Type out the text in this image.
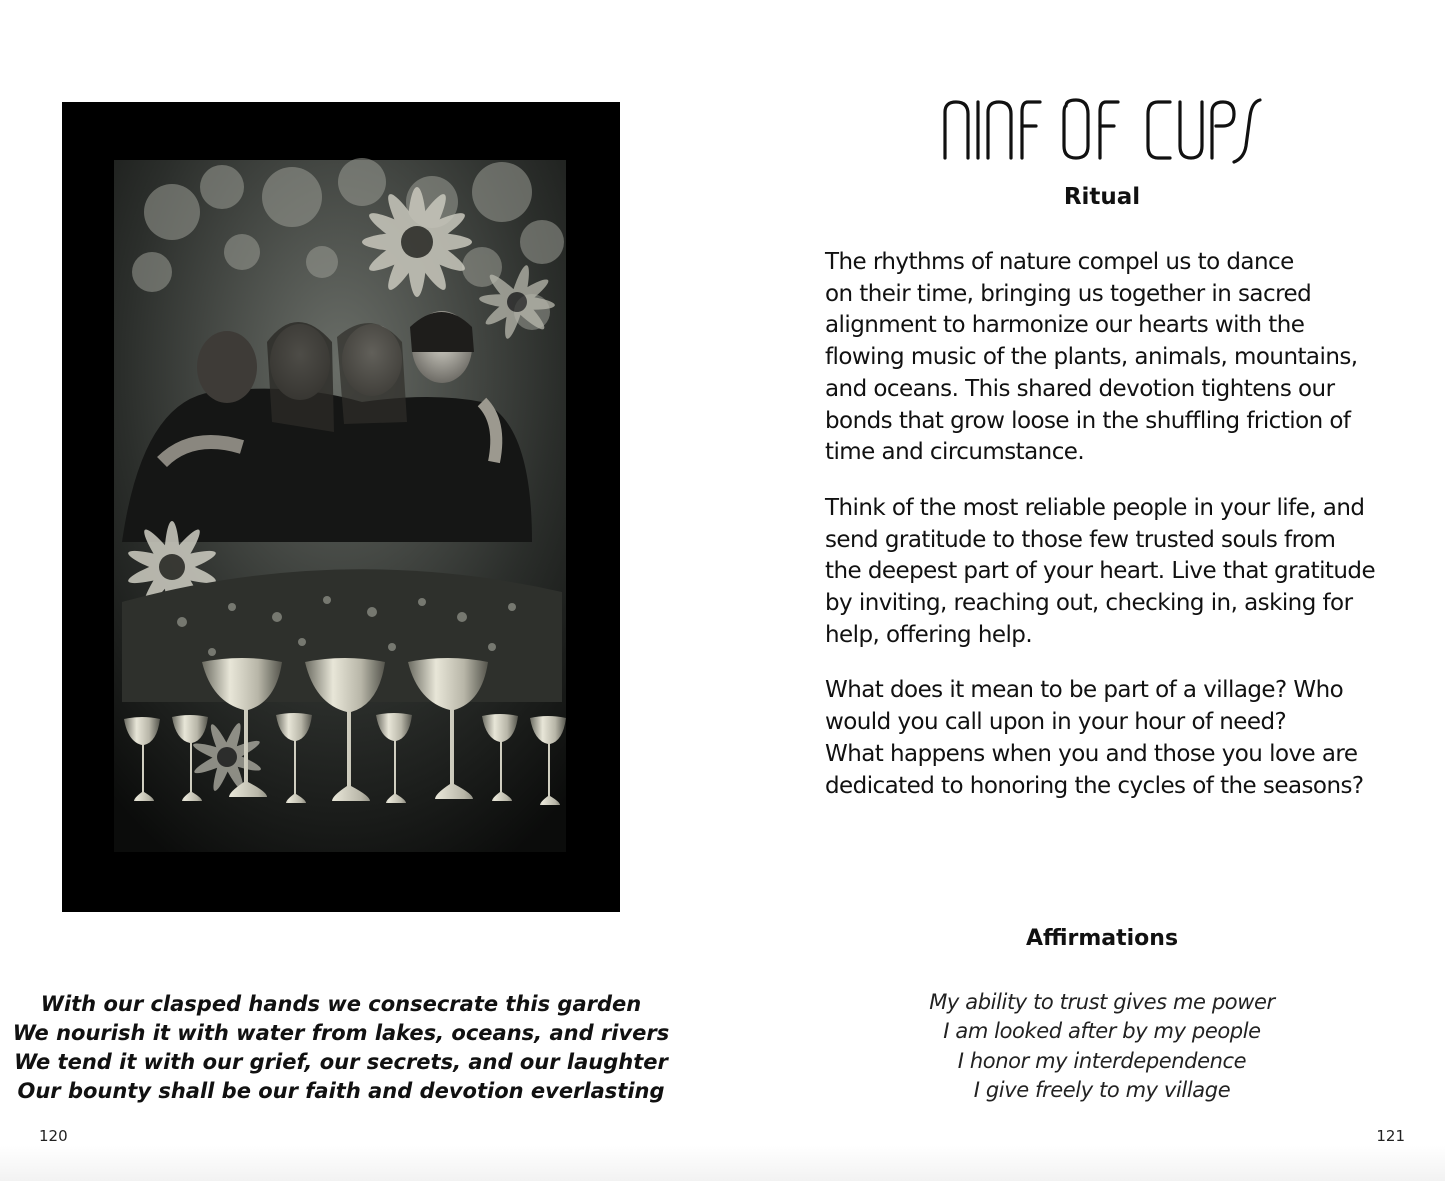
With our clasped hands we consecrate this garden
We nourish it with water from lakes, oceans, and rivers
We tend it with our grief, our secrets, and our laughter
Our bounty shall be our faith and devotion everlasting
120
Ritual
The rhythms of nature compel us to dance
on their time, bringing us together in sacred
alignment to harmonize our hearts with the
flowing music of the plants, animals, mountains,
and oceans. This shared devotion tightens our
bonds that grow loose in the shuffling friction of
time and circumstance.
Think of the most reliable people in your life, and
send gratitude to those few trusted souls from
the deepest part of your heart. Live that gratitude
by inviting, reaching out, checking in, asking for
help, offering help.
What does it mean to be part of a village? Who
would you call upon in your hour of need?
What happens when you and those you love are
dedicated to honoring the cycles of the seasons?
Affirmations
My ability to trust gives me power
I am looked after by my people
I honor my interdependence
I give freely to my village
121
